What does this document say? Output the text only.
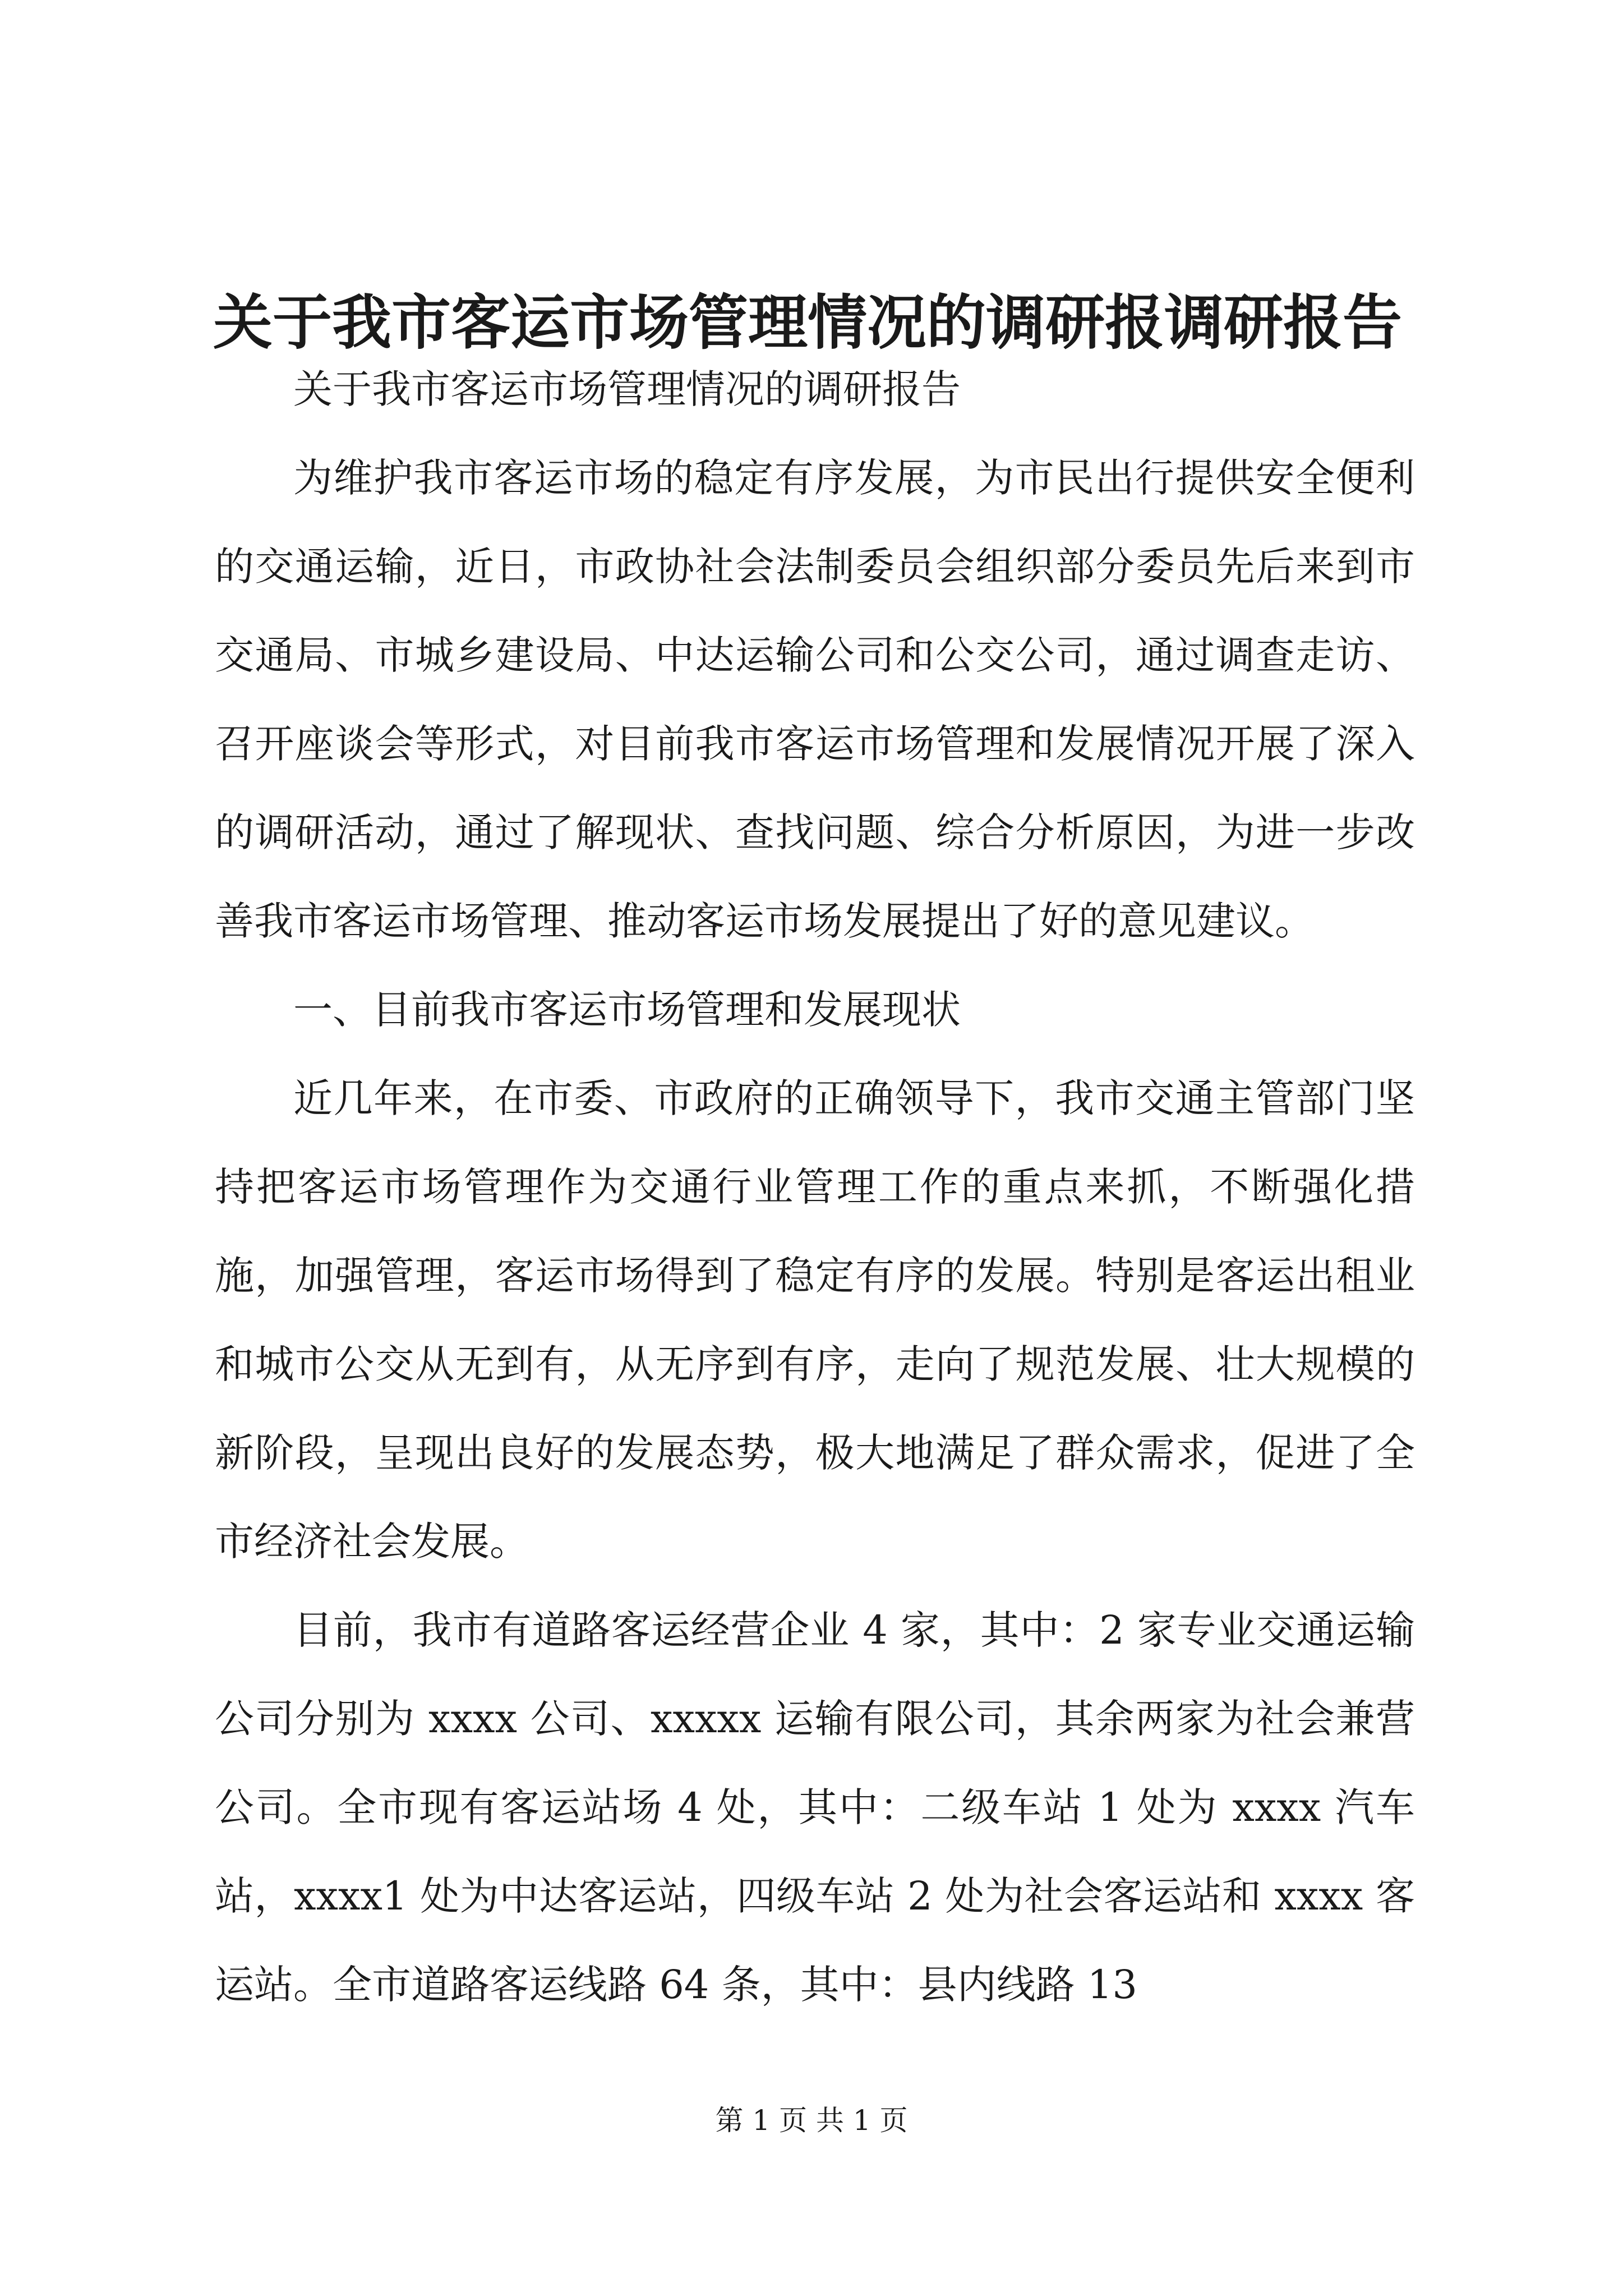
关于我市客运市场管理情况的调研报调研报告

关于我市客运市场管理情况的调研报告

为维护我市客运市场的稳定有序发展，为市民出行提供安全便利的交通运输，近日，市政协社会法制委员会组织部分委员先后来到市交通局、市城乡建设局、中达运输公司和公交公司，通过调查走访、召开座谈会等形式，对目前我市客运市场管理和发展情况开展了深入的调研活动，通过了解现状、查找问题、综合分析原因，为进一步改善我市客运市场管理、推动客运市场发展提出了好的意见建议。

一、目前我市客运市场管理和发展现状

近几年来，在市委、市政府的正确领导下，我市交通主管部门坚持把客运市场管理作为交通行业管理工作的重点来抓，不断强化措施，加强管理，客运市场得到了稳定有序的发展。特别是客运出租业和城市公交从无到有，从无序到有序，走向了规范发展、壮大规模的新阶段，呈现出良好的发展态势，极大地满足了群众需求，促进了全市经济社会发展。

目前，我市有道路客运经营企业 4 家，其中：2 家专业交通运输公司分别为 xxxx 公司、xxxxx 运输有限公司，其余两家为社会兼营公司。全市现有客运站场 4 处，其中：二级车站 1 处为 xxxx 汽车站，xxxx1 处为中达客运站，四级车站 2 处为社会客运站和 xxxx 客运站。全市道路客运线路 64 条，其中：县内线路 13

第 1 页 共 1 页
